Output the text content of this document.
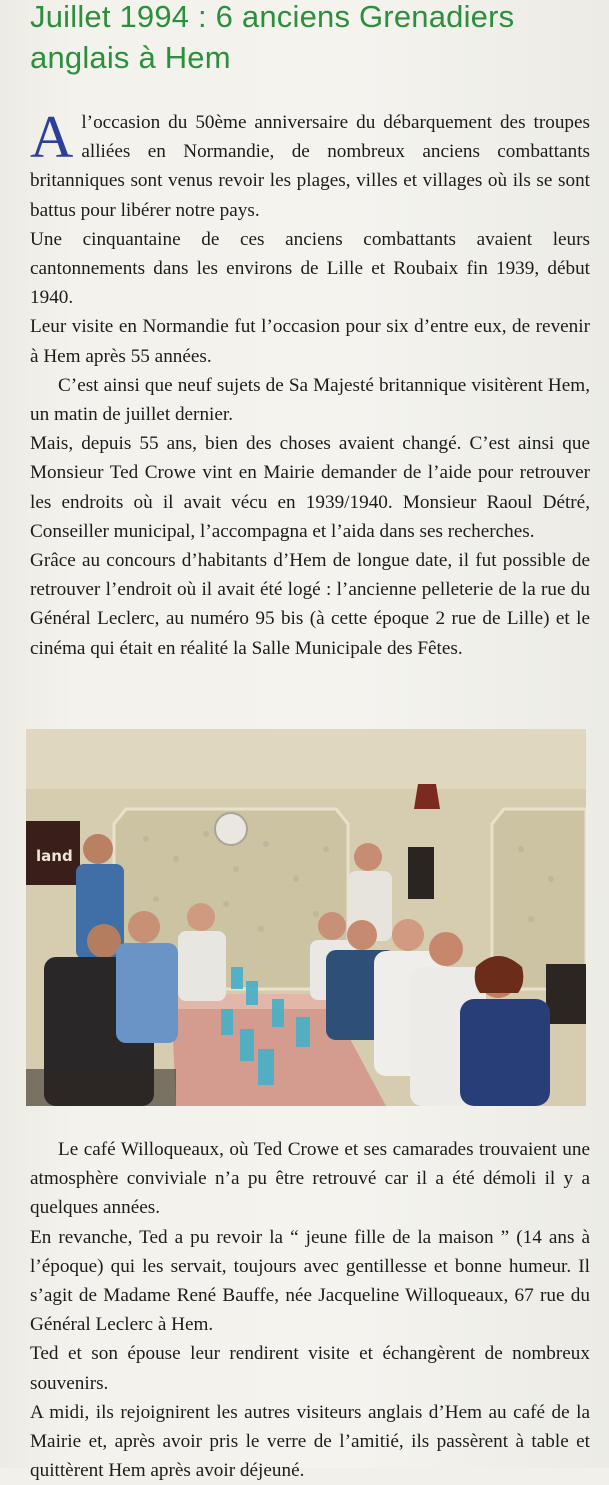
Juillet 1994 : 6 anciens Grenadiers
anglais à Hem

A l’occasion du 50ème anniversaire du débarquement des troupes alliées en Normandie, de nombreux anciens combattants britanniques sont venus revoir les plages, villes et villages où ils se sont battus pour libérer notre pays.

Une cinquantaine de ces anciens combattants avaient leurs cantonnements dans les environs de Lille et Roubaix fin 1939, début 1940.

Leur visite en Normandie fut l’occasion pour six d’entre eux, de revenir à Hem après 55 années.

C’est ainsi que neuf sujets de Sa Majesté britannique visitèrent Hem, un matin de juillet dernier.

Mais, depuis 55 ans, bien des choses avaient changé. C’est ainsi que Monsieur Ted Crowe vint en Mairie demander de l’aide pour retrouver les endroits où il avait vécu en 1939/1940. Monsieur Raoul Détré, Conseiller municipal, l’accompagna et l’aida dans ses recherches.

Grâce au concours d’habitants d’Hem de longue date, il fut possible de retrouver l’endroit où il avait été logé : l’ancienne pelleterie de la rue du Général Leclerc, au numéro 95 bis (à cette époque 2 rue de Lille) et le cinéma qui était en réalité la Salle Municipale des Fêtes.

land

Le café Willoqueaux, où Ted Crowe et ses camarades trouvaient une atmosphère conviviale n’a pu être retrouvé car il a été démoli il y a quelques années.

En revanche, Ted a pu revoir la “ jeune fille de la maison ” (14 ans à l’époque) qui les servait, toujours avec gentillesse et bonne humeur. Il s’agit de Madame René Bauffe, née Jacqueline Willoqueaux, 67 rue du Général Leclerc à Hem.

Ted et son épouse leur rendirent visite et échangèrent de nombreux souvenirs.

A midi, ils rejoignirent les autres visiteurs anglais d’Hem au café de la Mairie et, après avoir pris le verre de l’amitié, ils passèrent à table et quittèrent Hem après avoir déjeuné.
